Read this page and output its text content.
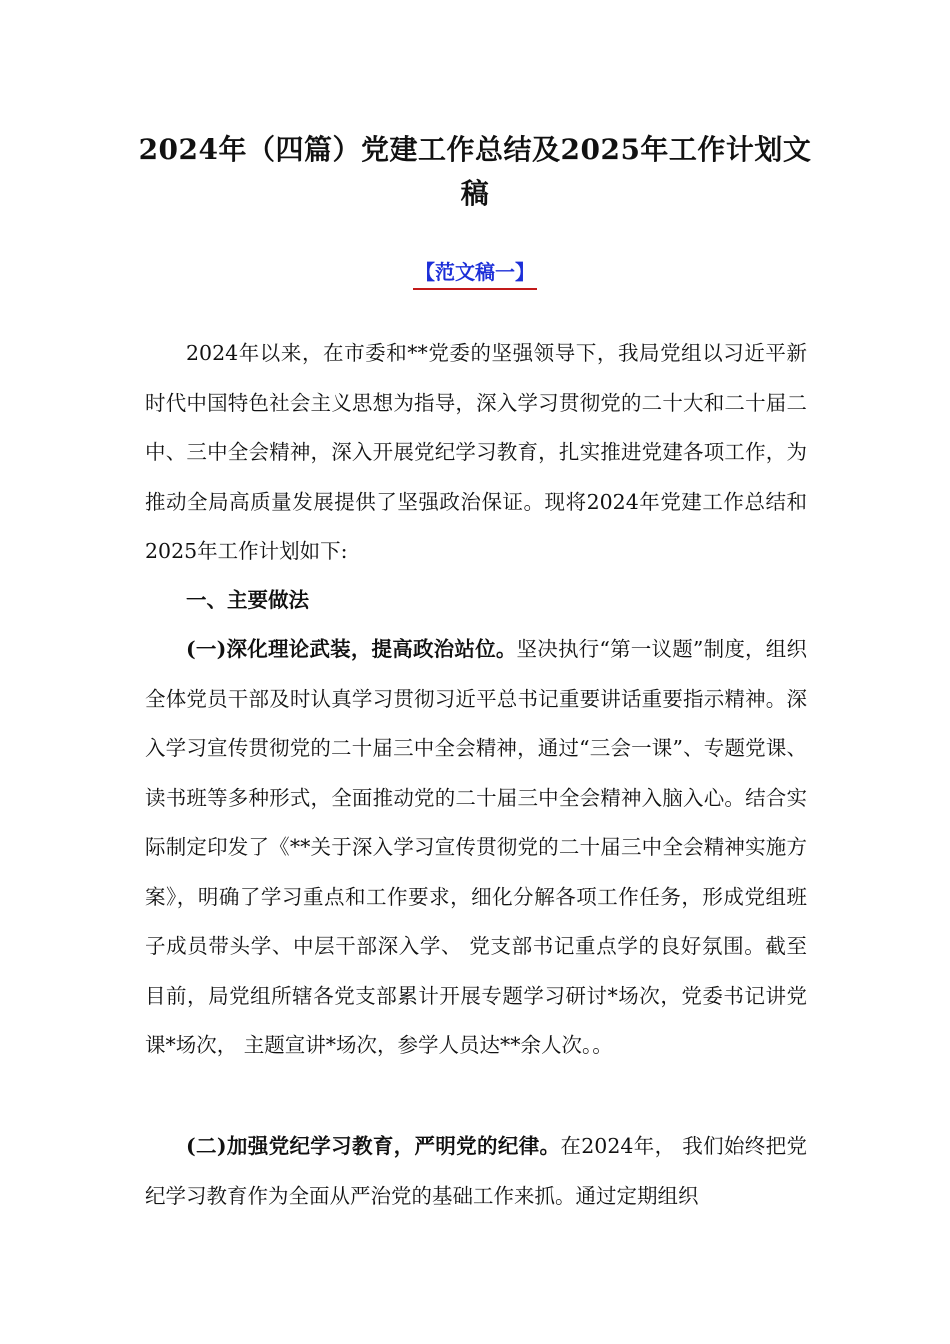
2024年（四篇）党建工作总结及2025年工作计划文稿

【范文稿一】

2024年以来，在市委和**党委的坚强领导下，我局党组以习近平新时代中国特色社会主义思想为指导，深入学习贯彻党的二十大和二十届二中、三中全会精神，深入开展党纪学习教育，扎实推进党建各项工作，为推动全局高质量发展提供了坚强政治保证。现将2024年党建工作总结和2025年工作计划如下:

一、主要做法

(一)深化理论武装，提高政治站位。坚决执行“第一议题”制度，组织全体党员干部及时认真学习贯彻习近平总书记重要讲话重要指示精神。深入学习宣传贯彻党的二十届三中全会精神，通过“三会一课”、专题党课、读书班等多种形式，全面推动党的二十届三中全会精神入脑入心。结合实际制定印发了《**关于深入学习宣传贯彻党的二十届三中全会精神实施方案》，明确了学习重点和工作要求，细化分解各项工作任务，形成党组班子成员带头学、中层干部深入学、 党支部书记重点学的良好氛围。截至目前，局党组所辖各党支部累计开展专题学习研讨*场次，党委书记讲党课*场次， 主题宣讲*场次，参学人员达**余人次。。

(二)加强党纪学习教育，严明党的纪律。在2024年， 我们始终把党纪学习教育作为全面从严治党的基础工作来抓。通过定期组织
